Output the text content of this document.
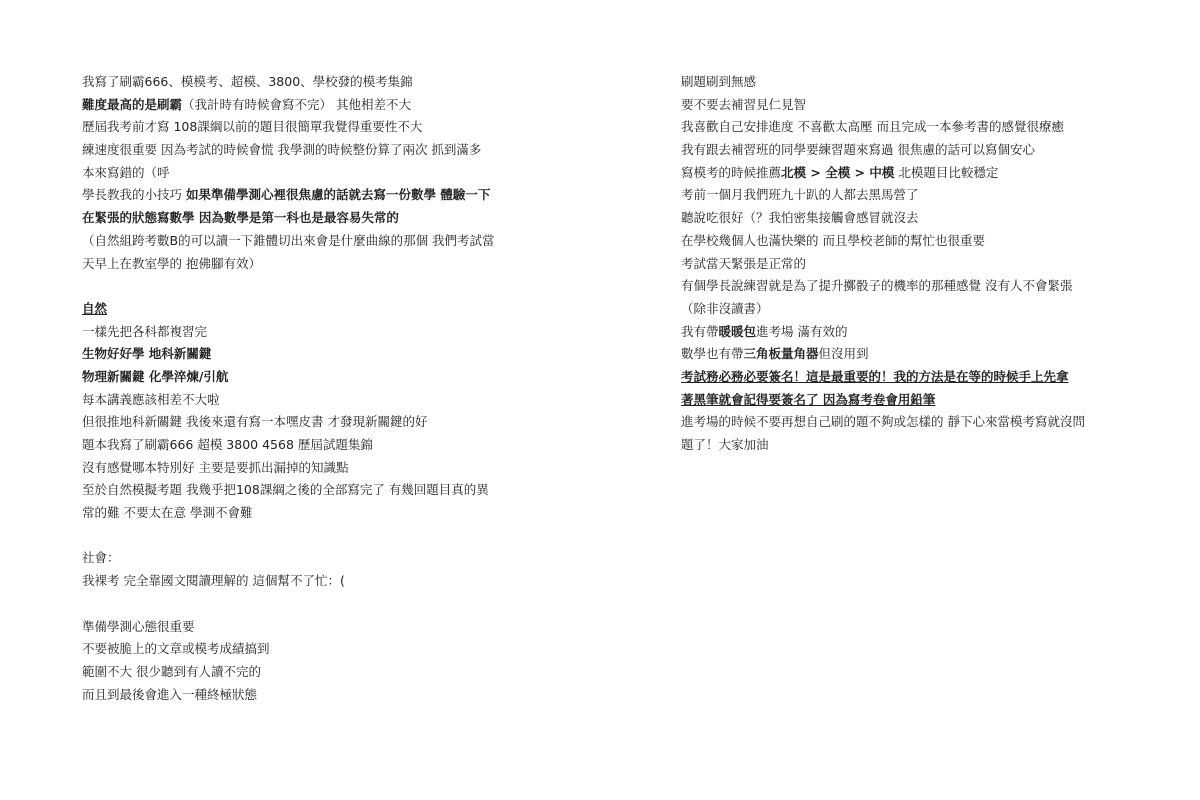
我寫了刷霸666、模模考、超模、3800、學校發的模考集錦
難度最高的是刷霸（我計時有時候會寫不完） 其他相差不大
歷屆我考前才寫 108課綱以前的題目很簡單我覺得重要性不大
練速度很重要 因為考試的時候會慌 我學測的時候整份算了兩次 抓到滿多
本來寫錯的（呼
學長教我的小技巧 如果準備學測心裡很焦慮的話就去寫一份數學 體驗一下
在緊張的狀態寫數學 因為數學是第一科也是最容易失常的
（自然組跨考數B的可以讀一下錐體切出來會是什麼曲線的那個 我們考試當
天早上在教室學的 抱佛腳有效）
自然
一樣先把各科都複習完
生物好好學 地科新關鍵
物理新關鍵 化學淬煉/引航
每本講義應該相差不大啦
但很推地科新關鍵 我後來還有寫一本嘿皮書 才發現新關鍵的好
題本我寫了刷霸666 超模 3800 4568 歷屆試題集錦
沒有感覺哪本特別好 主要是要抓出漏掉的知識點
至於自然模擬考題 我幾乎把108課綱之後的全部寫完了 有幾回題目真的異
常的難 不要太在意 學測不會難
社會：
我裸考 完全靠國文閱讀理解的 這個幫不了忙：(
準備學測心態很重要
不要被脆上的文章或模考成績搞到
範圍不大 很少聽到有人讀不完的
而且到最後會進入一種終極狀態
刷題刷到無感
要不要去補習見仁見智
我喜歡自己安排進度 不喜歡太高壓 而且完成一本參考書的感覺很療癒
我有跟去補習班的同學要練習題來寫過 很焦慮的話可以寫個安心
寫模考的時候推薦北模 > 全模 > 中模 北模題目比較穩定
考前一個月我們班九十趴的人都去黑馬營了
聽說吃很好（？我怕密集接觸會感冒就沒去
在學校幾個人也滿快樂的 而且學校老師的幫忙也很重要
考試當天緊張是正常的
有個學長說練習就是為了提升擲骰子的機率的那種感覺 沒有人不會緊張
（除非沒讀書）
我有帶暖暖包進考場 滿有效的
數學也有帶三角板量角器但沒用到
考試務必務必要簽名！這是最重要的！我的方法是在等的時候手上先拿
著黑筆就會記得要簽名了 因為寫考卷會用鉛筆
進考場的時候不要再想自己刷的題不夠或怎樣的 靜下心來當模考寫就沒問
題了！大家加油
